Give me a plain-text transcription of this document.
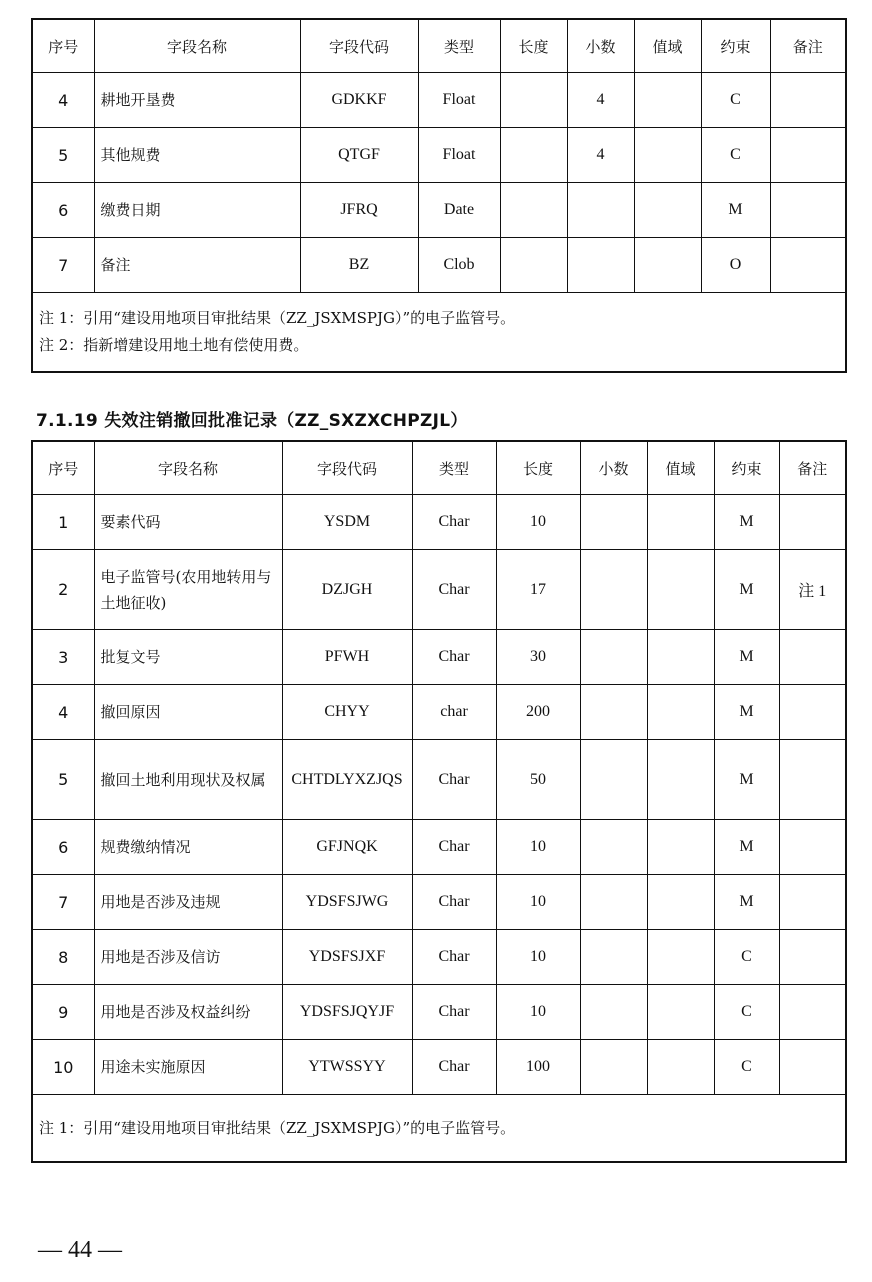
序号	字段名称	字段代码	类型	长度	小数	值域	约束	备注
4	耕地开垦费	GDKKF	Float		4		C	
5	其他规费	QTGF	Float		4		C	
6	缴费日期	JFRQ	Date				M	
7	备注	BZ	Clob				O	

注 1：引用“建设用地项目审批结果（ZZ_JSXMSPJG）”的电子监管号。
注 2：指新增建设用地土地有偿使用费。								
7.1.19 失效注销撤回批准记录（ZZ_SXZXCHPZJL）
序号	字段名称	字段代码	类型	长度	小数	值域	约束	备注
1	要素代码	YSDM	Char	10			M	
2	电子监管号(农用地转用与土地征收)	DZJGH	Char	17			M	注 1
3	批复文号	PFWH	Char	30			M	
4	撤回原因	CHYY	char	200			M	
5	撤回土地利用现状及权属	CHTDLYXZJQS	Char	50			M	
6	规费缴纳情况	GFJNQK	Char	10			M	
7	用地是否涉及违规	YDSFSJWG	Char	10			M	
8	用地是否涉及信访	YDSFSJXF	Char	10			C	
9	用地是否涉及权益纠纷	YDSFSJQYJF	Char	10			C	
10	用途未实施原因	YTWSSYY	Char	100			C	

注 1：引用“建设用地项目审批结果（ZZ_JSXMSPJG）”的电子监管号。								
— 44 —
